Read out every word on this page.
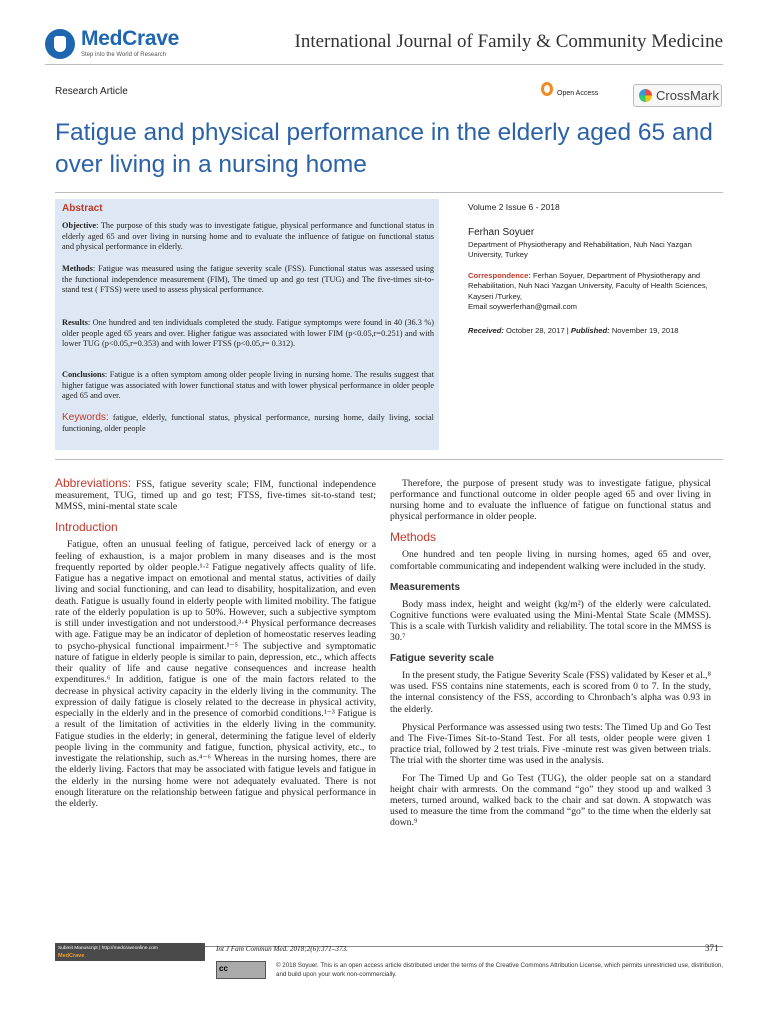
MedCrave
Step into the World of Research
International Journal of Family & Community Medicine
Research Article	Open Access	CrossMark
Fatigue and physical performance in the elderly aged 65 and over living in a nursing home
Abstract

Objective: The purpose of this study was to investigate fatigue, physical performance and functional status in elderly aged 65 and over living in nursing home and to evaluate the influence of fatigue on functional status and physical performance in elderly.

Methods: Fatigue was measured using the fatigue severity scale (FSS). Functional status was assessed using the functional independence measurement (FIM), The timed up and go test (TUG) and The five-times sit-to-stand test ( FTSS) were used to assess physical performance.

Results: One hundred and ten individuals completed the study. Fatigue symptomps were found in 40 (36.3 %) older people aged 65 years and over. Higher fatigue was associated with lower FIM (p<0.05,r=0.251) and with lower TUG (p<0.05,r=0.353) and with lower FTSS (p<0.05,r= 0.312).

Conclusions: Fatigue is a often symptom among older people living in nursing home. The results suggest that higher fatigue was associated with lower functional status and with lower physical performance in older people aged 65 and over.

Keywords: fatigue, elderly, functional status, physical performance, nursing home, daily living, social functioning, older people

Volume 2 Issue 6 - 2018
Ferhan Soyuer
Department of Physiotherapy and Rehabilitation, Nuh Naci Yazgan University, Turkey
Correspondence: Ferhan Soyuer, Department of Physiotherapy and Rehabilitation, Nuh Naci Yazgan University, Faculty of Health Sciences, Kayseri /Turkey,
Email soywerferhan@gmail.com
Received: October 28, 2017 | Published: November 19, 2018

Abbreviations: FSS, fatigue severity scale; FIM, functional independence measurement, TUG, timed up and go test; FTSS, five-times sit-to-stand test; MMSS, mini-mental state scale

Introduction

Fatigue, often an unusual feeling of fatigue, perceived lack of energy or a feeling of exhaustion, is a major problem in many diseases and is the most frequently reported by older people.¹·² Fatigue negatively affects quality of life. Fatigue has a negative impact on emotional and mental status, activities of daily living and social functioning, and can lead to disability, hospitalization, and even death. Fatigue is usually found in elderly people with limited mobility. The fatigue rate of the elderly population is up to 50%. However, such a subjective symptom is still under investigation and not understood.³·⁴ Physical performance decreases with age. Fatigue may be an indicator of depletion of homeostatic reserves leading to psycho-physical functional impairment.¹⁻⁵ The subjective and symptomatic nature of fatigue in elderly people is similar to pain, depression, etc., which affects their quality of life and cause negative consequences and increase health expenditures.⁶ In addition, fatigue is one of the main factors related to the decrease in physical activity capacity in the elderly living in the community. The expression of daily fatigue is closely related to the decrease in physical activity, especially in the elderly and in the presence of comorbid conditions.¹⁻³ Fatigue is a result of the limitation of activities in the elderly living in the community. Fatigue studies in the elderly; in general, determining the fatigue level of elderly people living in the community and fatigue, function, physical activity, etc., to investigate the relationship, such as.⁴⁻⁶ Whereas in the nursing homes, there are the elderly living. Factors that may be associated with fatigue levels and fatigue in the elderly in the nursing home were not adequately evaluated. There is not enough literature on the relationship between fatigue and physical performance in the elderly.

Therefore, the purpose of present study was to investigate fatigue, physical performance and functional outcome in older people aged 65 and over living in nursing home and to evaluate the influence of fatigue on functional status and physical performance in older people.

Methods

One hundred and ten people living in nursing homes, aged 65 and over, comfortable communicating and independent walking were included in the study.

Measurements

Body mass index, height and weight (kg/m²) of the elderly were calculated. Cognitive functions were evaluated using the Mini-Mental State Scale (MMSS). This is a scale with Turkish validity and reliability. The total score in the MMSS is 30.⁷

Fatigue severity scale

In the present study, the Fatigue Severity Scale (FSS) validated by Keser et al.,⁸ was used. FSS contains nine statements, each is scored from 0 to 7. In the study, the internal consistency of the FSS, according to Chronbach’s alpha was 0.93 in the elderly.

Physical Performance was assessed using two tests: The Timed Up and Go Test and The Five-Times Sit-to-Stand Test. For all tests, older people were given 1 practice trial, followed by 2 test trials. Five -minute rest was given between trials. The trial with the shorter time was used in the analysis.

For The Timed Up and Go Test (TUG), the older people sat on a standard height chair with armrests. On the command “go” they stood up and walked 3 meters, turned around, walked back to the chair and sat down. A stopwatch was used to measure the time from the command “go” to the time when the elderly sat down.⁹

Submit Manuscript | http://medcraveonline.com
MedCrave
Int J Fam Commun Med. 2018;2(6):371‒373.	371
cc	© 2018 Soyuer. This is an open access article distributed under the terms of the Creative Commons Attribution License, which permits unrestricted use, distribution, and build upon your work non-commercially.
